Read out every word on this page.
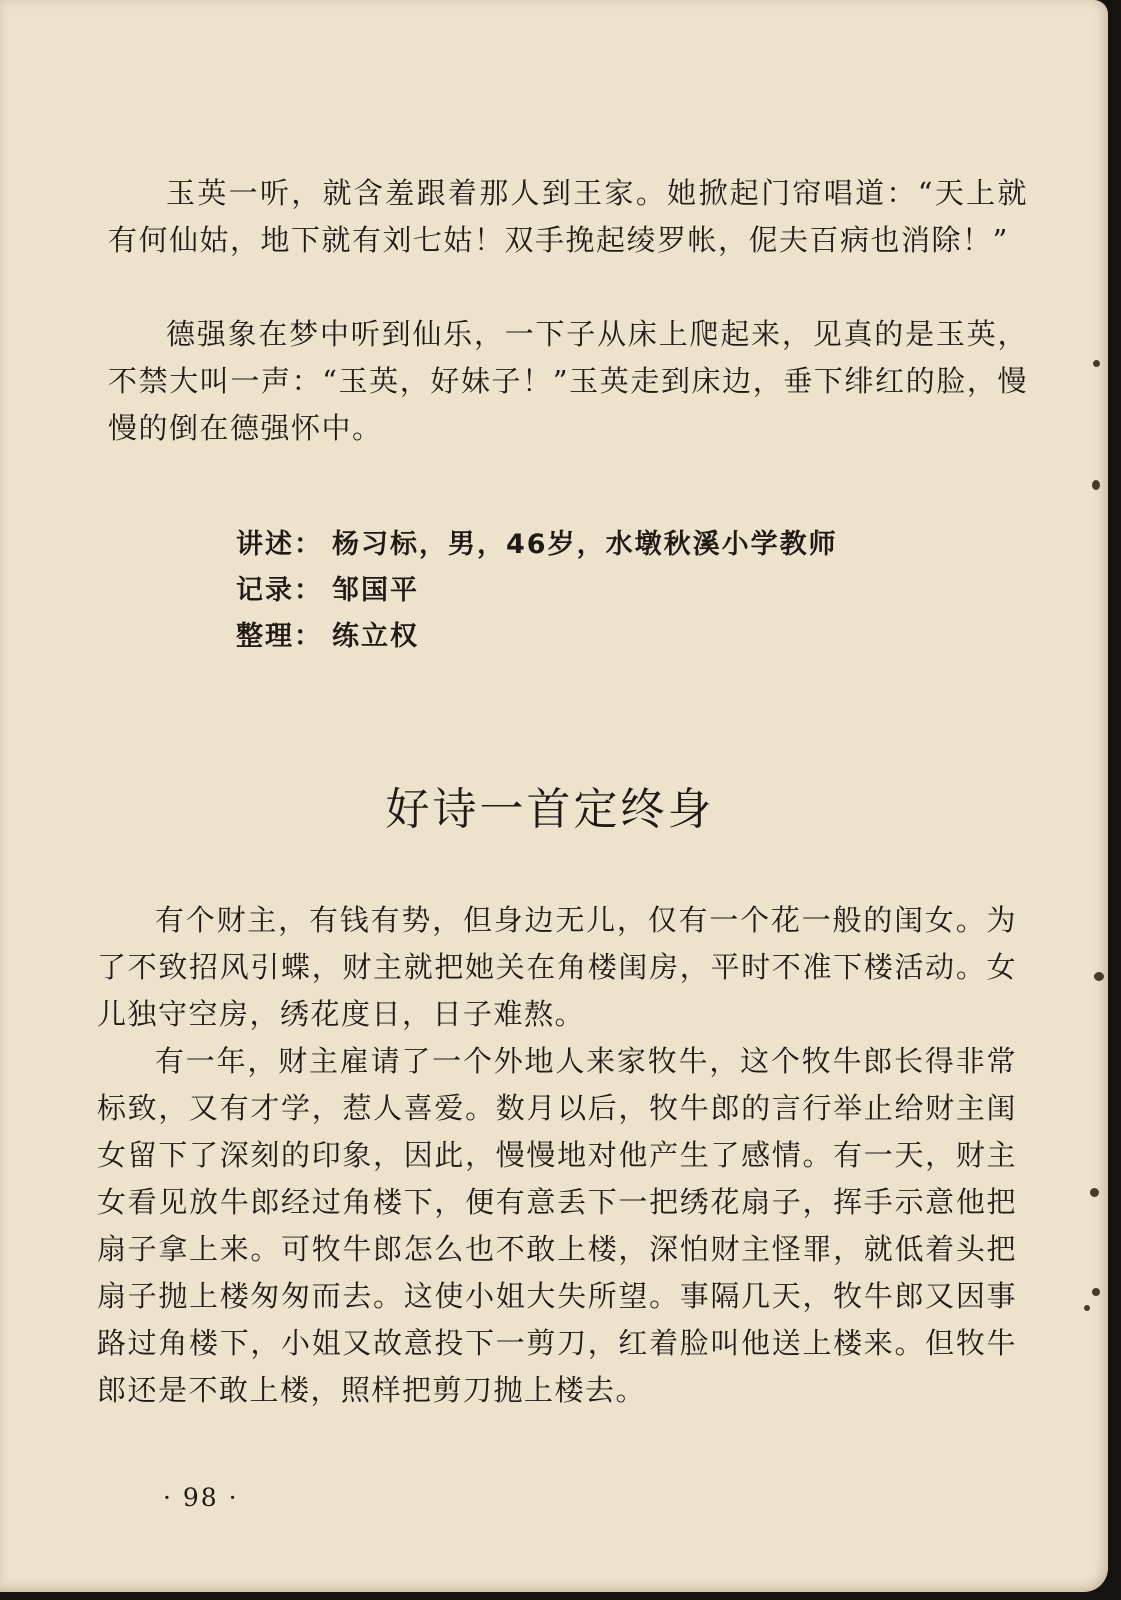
玉英一听，就含羞跟着那人到王家。她掀起门帘唱道：“天上就有何仙姑，地下就有刘七姑！双手挽起绫罗帐，伲夫百病也消除！”

德强象在梦中听到仙乐，一下子从床上爬起来，见真的是玉英，不禁大叫一声：“玉英，好妹子！”玉英走到床边，垂下绯红的脸，慢慢的倒在德强怀中。

讲述： 杨习标，男，46岁，水墩秋溪小学教师
记录： 邹国平
整理： 练立权
好诗一首定终身

有个财主，有钱有势，但身边无儿，仅有一个花一般的闺女。为了不致招风引蝶，财主就把她关在角楼闺房，平时不准下楼活动。女儿独守空房，绣花度日，日子难熬。

有一年，财主雇请了一个外地人来家牧牛，这个牧牛郎长得非常标致，又有才学，惹人喜爱。数月以后，牧牛郎的言行举止给财主闺女留下了深刻的印象，因此，慢慢地对他产生了感情。有一天，财主女看见放牛郎经过角楼下，便有意丢下一把绣花扇子，挥手示意他把扇子拿上来。可牧牛郎怎么也不敢上楼，深怕财主怪罪，就低着头把扇子抛上楼匆匆而去。这使小姐大失所望。事隔几天，牧牛郎又因事路过角楼下，小姐又故意投下一剪刀，红着脸叫他送上楼来。但牧牛郎还是不敢上楼，照样把剪刀抛上楼去。

· 98 ·
